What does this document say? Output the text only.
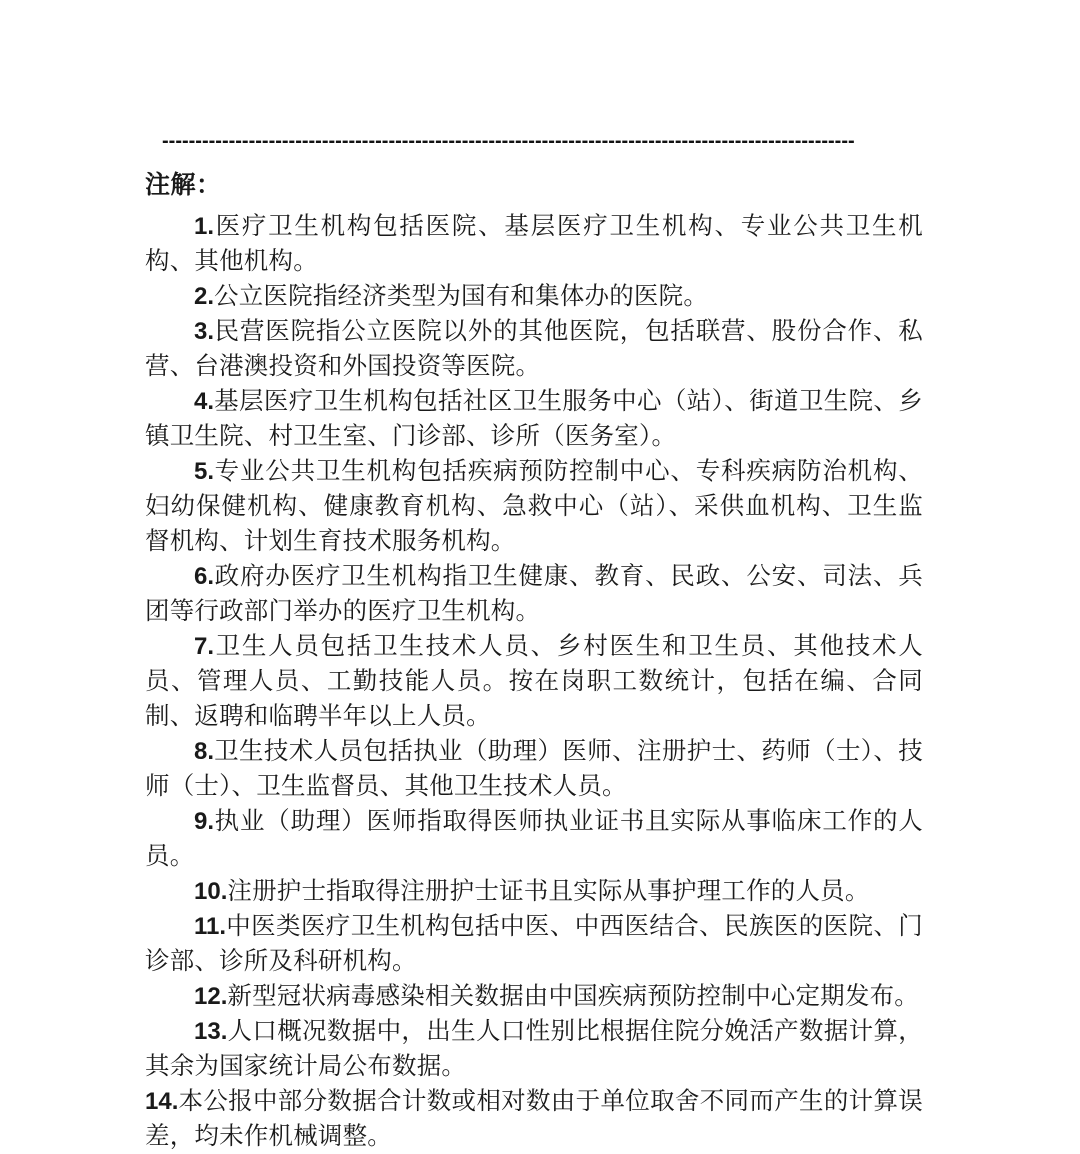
--------------------------------------------------------------------------------------------------------
注解：

1.医疗卫生机构包括医院、基层医疗卫生机构、专业公共卫生机构、其他机构。

2.公立医院指经济类型为国有和集体办的医院。

3.民营医院指公立医院以外的其他医院，包括联营、股份合作、私营、台港澳投资和外国投资等医院。

4.基层医疗卫生机构包括社区卫生服务中心（站）、街道卫生院、乡镇卫生院、村卫生室、门诊部、诊所（医务室）。

5.专业公共卫生机构包括疾病预防控制中心、专科疾病防治机构、妇幼保健机构、健康教育机构、急救中心（站）、采供血机构、卫生监督机构、计划生育技术服务机构。

6.政府办医疗卫生机构指卫生健康、教育、民政、公安、司法、兵团等行政部门举办的医疗卫生机构。

7.卫生人员包括卫生技术人员、乡村医生和卫生员、其他技术人员、管理人员、工勤技能人员。按在岗职工数统计，包括在编、合同制、返聘和临聘半年以上人员。

8.卫生技术人员包括执业（助理）医师、注册护士、药师（士）、技师（士）、卫生监督员、其他卫生技术人员。

9.执业（助理）医师指取得医师执业证书且实际从事临床工作的人员。

10.注册护士指取得注册护士证书且实际从事护理工作的人员。

11.中医类医疗卫生机构包括中医、中西医结合、民族医的医院、门诊部、诊所及科研机构。

12.新型冠状病毒感染相关数据由中国疾病预防控制中心定期发布。

13.人口概况数据中，出生人口性别比根据住院分娩活产数据计算，其余为国家统计局公布数据。

14.本公报中部分数据合计数或相对数由于单位取舍不同而产生的计算误差，均未作机械调整。
